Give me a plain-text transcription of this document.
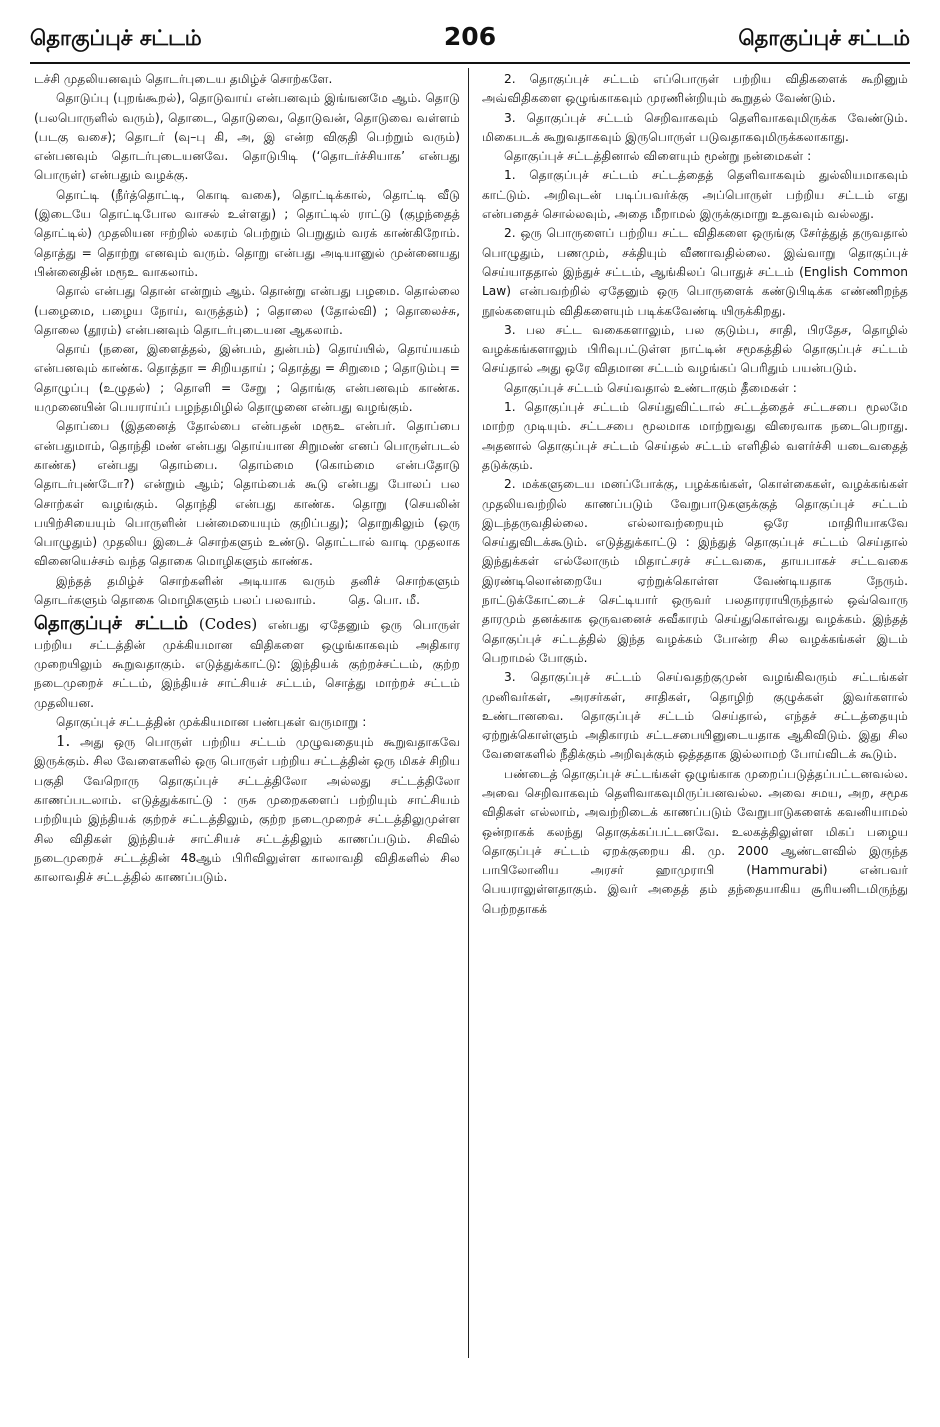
தொகுப்புச் சட்டம்	206	தொகுப்புச் சட்டம்

டச்சி முதலியனவும் தொடர்புடைய தமிழ்ச் சொற்களே.

தொடுப்பு (புறங்கூறல்), தொடுவாய் என்பனவும் இங்ஙனமே ஆம். தொடு (பலபொருளில் வரும்), தொடை, தொடுவை, தொடுவன், தொடுவை வள்ளம் (படகு வசை); தொடர் (வு–பு கி, அ, இ என்ற விகுதி பெற்றும் வரும்) என்பனவும் தொடர்புடையனவே. தொடுபிடி (‘தொடர்ச்சியாக’ என்பது பொருள்) என்பதும் வழக்கு.

தொட்டி (நீர்த்தொட்டி, கொடி வகை), தொட்டிக்கால், தொட்டி வீடு (இடையே தொட்டிபோல வாசல் உள்ளது) ; தொட்டில் ராட்டு (குழந்தைத் தொட்டில்) முதலியன ஈற்றில் லகரம் பெற்றும் பெறுதும் வரக் காண்கிறோம். தொத்து = தொற்று எனவும் வரும். தொறு என்பது அடியானுல் முன்னையது பின்னைதின் மரூஉ வாகலாம்.

தொல் என்பது தொன் என்றும் ஆம். தொன்று என்பது பழமை. தொல்லை (பழைமை, பழைய நோய், வருத்தம்) ; தொலை (தோல்வி) ; தொலைச்சு, தொலை (தூரம்) என்பனவும் தொடர்புடையன ஆகலாம்.

தொய் (நனை, இளைத்தல், இன்பம், துன்பம்) தொய்யில், தொய்யகம் என்பனவும் காண்க. தொத்தா = சிறியதாய் ; தொத்து = சிறுமை ; தொடும்பு = தொழுப்பு (உழுதல்) ; தொளி = சேறு ; தொங்கு என்பனவும் காண்க. யமுனையின் பெயராய்ப் பழந்தமிழில் தொழுனை என்பது வழங்கும்.

தொப்பை (இதனைத் தோல்பை என்பதன் மரூஉ என்பர். தொப்பை என்பதுமாம், தொந்தி மண் என்பது தொய்யான சிறுமண் எனப் பொருள்படல் காண்க) என்பது தொம்பை. தொம்மை (கொம்மை என்பதோடு தொடர்புண்டோ?) என்றும் ஆம்; தொம்பைக் கூடு என்பது போலப் பல சொற்கள் வழங்கும். தொந்தி என்பது காண்க. தொறு (செயலின் பயிற்சியையும் பொருளின் பன்மையையும் குறிப்பது); தொறுகிலும் (ஒரு பொழுதும்) முதலிய இடைச் சொற்களும் உண்டு. தொட்டால் வாடி முதலாக வினையெச்சம் வந்த தொகை மொழிகளும் காண்க.

இந்தத் தமிழ்ச் சொற்களின் அடியாக வரும் தனிச் சொற்களும் தொடர்களும் தொகை மொழிகளும் பலப் பலவாம்.	தெ. பொ. மீ.

தொகுப்புச் சட்டம் (Codes) என்பது ஏதேனும் ஒரு பொருள் பற்றிய சட்டத்தின் முக்கியமான விதிகளை ஒழுங்காகவும் அதிகார முறையிலும் கூறுவதாகும். எடுத்துக்காட்டு: இந்தியக் குற்றச்சட்டம், குற்ற நடைமுறைச் சட்டம், இந்தியச் சாட்சியச் சட்டம், சொத்து மாற்றச் சட்டம் முதலியன.

தொகுப்புச் சட்டத்தின் முக்கியமான பண்புகள் வருமாறு :

1. அது ஒரு பொருள் பற்றிய சட்டம் முழுவதையும் கூறுவதாகவே இருக்கும். சில வேளைகளில் ஒரு பொருள் பற்றிய சட்டத்தின் ஒரு மிகச் சிறிய பகுதி வேறொரு தொகுப்புச் சட்டத்திலோ அல்லது சட்டத்திலோ காணப்படலாம். எடுத்துக்காட்டு : ருசு முறைகளைப் பற்றியும் சாட்சியம் பற்றியும் இந்தியக் குற்றச் சட்டத்திலும், குற்ற நடைமுறைச் சட்டத்திலுமுள்ள சில விதிகள் இந்தியச் சாட்சியச் சட்டத்திலும் காணப்படும். சிவில் நடைமுறைச் சட்டத்தின் 48ஆம் பிரிவிலுள்ள காலாவதி விதிகளில் சில காலாவதிச் சட்டத்தில் காணப்படும்.

2. தொகுப்புச் சட்டம் எப்பொருள் பற்றிய விதிகளைக் கூறினும் அவ்விதிகளை ஒழுங்காகவும் முரணின்றியும் கூறுதல் வேண்டும்.

3. தொகுப்புச் சட்டம் செறிவாகவும் தெளிவாகவுமிருக்க வேண்டும். மிகைபடக் கூறுவதாகவும் இருபொருள் படுவதாகவுமிருக்கலாகாது.

தொகுப்புச் சட்டத்தினால் விளையும் மூன்று நன்மைகள் :

1. தொகுப்புச் சட்டம் சட்டத்தைத் தெளிவாகவும் துல்லியமாகவும் காட்டும். அறிவுடன் படிப்பவர்க்கு அப்பொருள் பற்றிய சட்டம் எது என்பதைச் சொல்லவும், அதை மீறாமல் இருக்குமாறு உதவவும் வல்லது.

2. ஒரு பொருளைப் பற்றிய சட்ட விதிகளை ஒருங்கு சேர்த்துத் தருவதால் பொழுதும், பணமும், சக்தியும் வீணாவதில்லை. இவ்வாறு தொகுப்புச் செய்யாததால் இந்துச் சட்டம், ஆங்கிலப் பொதுச் சட்டம் (English Common Law) என்பவற்றில் ஏதேனும் ஒரு பொருளைக் கண்டுபிடிக்க எண்ணிறந்த நூல்களையும் விதிகளையும் படிக்கவேண்டி யிருக்கிறது.

3. பல சட்ட வகைகளாலும், பல குடும்ப, சாதி, பிரதேச, தொழில் வழக்கங்களாலும் பிரிவுபட்டுள்ள நாட்டின் சமூகத்தில் தொகுப்புச் சட்டம் செய்தால் அது ஒரே விதமான சட்டம் வழங்கப் பெரிதும் பயன்படும்.

தொகுப்புச் சட்டம் செய்வதால் உண்டாகும் தீமைகள் :

1. தொகுப்புச் சட்டம் செய்துவிட்டால் சட்டத்தைச் சட்டசபை மூலமே மாற்ற முடியும். சட்டசபை மூலமாக மாற்றுவது விரைவாக நடைபெறாது. அதனால் தொகுப்புச் சட்டம் செய்தல் சட்டம் எளிதில் வளர்ச்சி யடைவதைத் தடுக்கும்.

2. மக்களுடைய மனப்போக்கு, பழக்கங்கள், கொள்கைகள், வழக்கங்கள் முதலியவற்றில் காணப்படும் வேறுபாடுகளுக்குத் தொகுப்புச் சட்டம் இடந்தருவதில்லை. எல்லாவற்றையும் ஒரே மாதிரியாகவே செய்துவிடக்கூடும். எடுத்துக்காட்டு : இந்துத் தொகுப்புச் சட்டம் செய்தால் இந்துக்கள் எல்லோரும் மிதாட்சரச் சட்டவகை, தாயபாகச் சட்டவகை இரண்டிலொன்றையே ஏற்றுக்கொள்ள வேண்டியதாக நேரும். நாட்டுக்கோட்டைச் செட்டியார் ஒருவர் பலதாரராயிருந்தால் ஒவ்வொரு தாரமும் தனக்காக ஒருவனைச் சுவீகாரம் செய்துகொள்வது வழக்கம். இந்தத் தொகுப்புச் சட்டத்தில் இந்த வழக்கம் போன்ற சில வழக்கங்கள் இடம் பெறாமல் போகும்.

3. தொகுப்புச் சட்டம் செய்வதற்குமுன் வழங்கிவரும் சட்டங்கள் முனிவர்கள், அரசர்கள், சாதிகள், தொழிற் குழுக்கள் இவர்களால் உண்டானவை. தொகுப்புச் சட்டம் செய்தால், எந்தச் சட்டத்தையும் ஏற்றுக்கொள்ளும் அதிகாரம் சட்டசபையினுடையதாக ஆகிவிடும். இது சில வேளைகளில் நீதிக்கும் அறிவுக்கும் ஒத்ததாக இல்லாமற் போய்விடக் கூடும்.

பண்டைத் தொகுப்புச் சட்டங்கள் ஒழுங்காக முறைப்படுத்தப்பட்டனவல்ல. அவை செறிவாகவும் தெளிவாகவுமிருப்பனவல்ல. அவை சமய, அற, சமூக விதிகள் எல்லாம், அவற்றிடைக் காணப்படும் வேறுபாடுகளைக் கவனியாமல் ஒன்றாகக் கலந்து தொகுக்கப்பட்டனவே. உலகத்திலுள்ள மிகப் பழைய தொகுப்புச் சட்டம் ஏறக்குறைய கி. மு. 2000 ஆண்டளவில் இருந்த பாபிலோனிய அரசர் ஹாமுராபி (Hammurabi) என்பவர் பெயராலுள்ளதாகும். இவர் அதைத் தம் தந்தையாகிய சூரியனிடமிருந்து பெற்றதாகக்
